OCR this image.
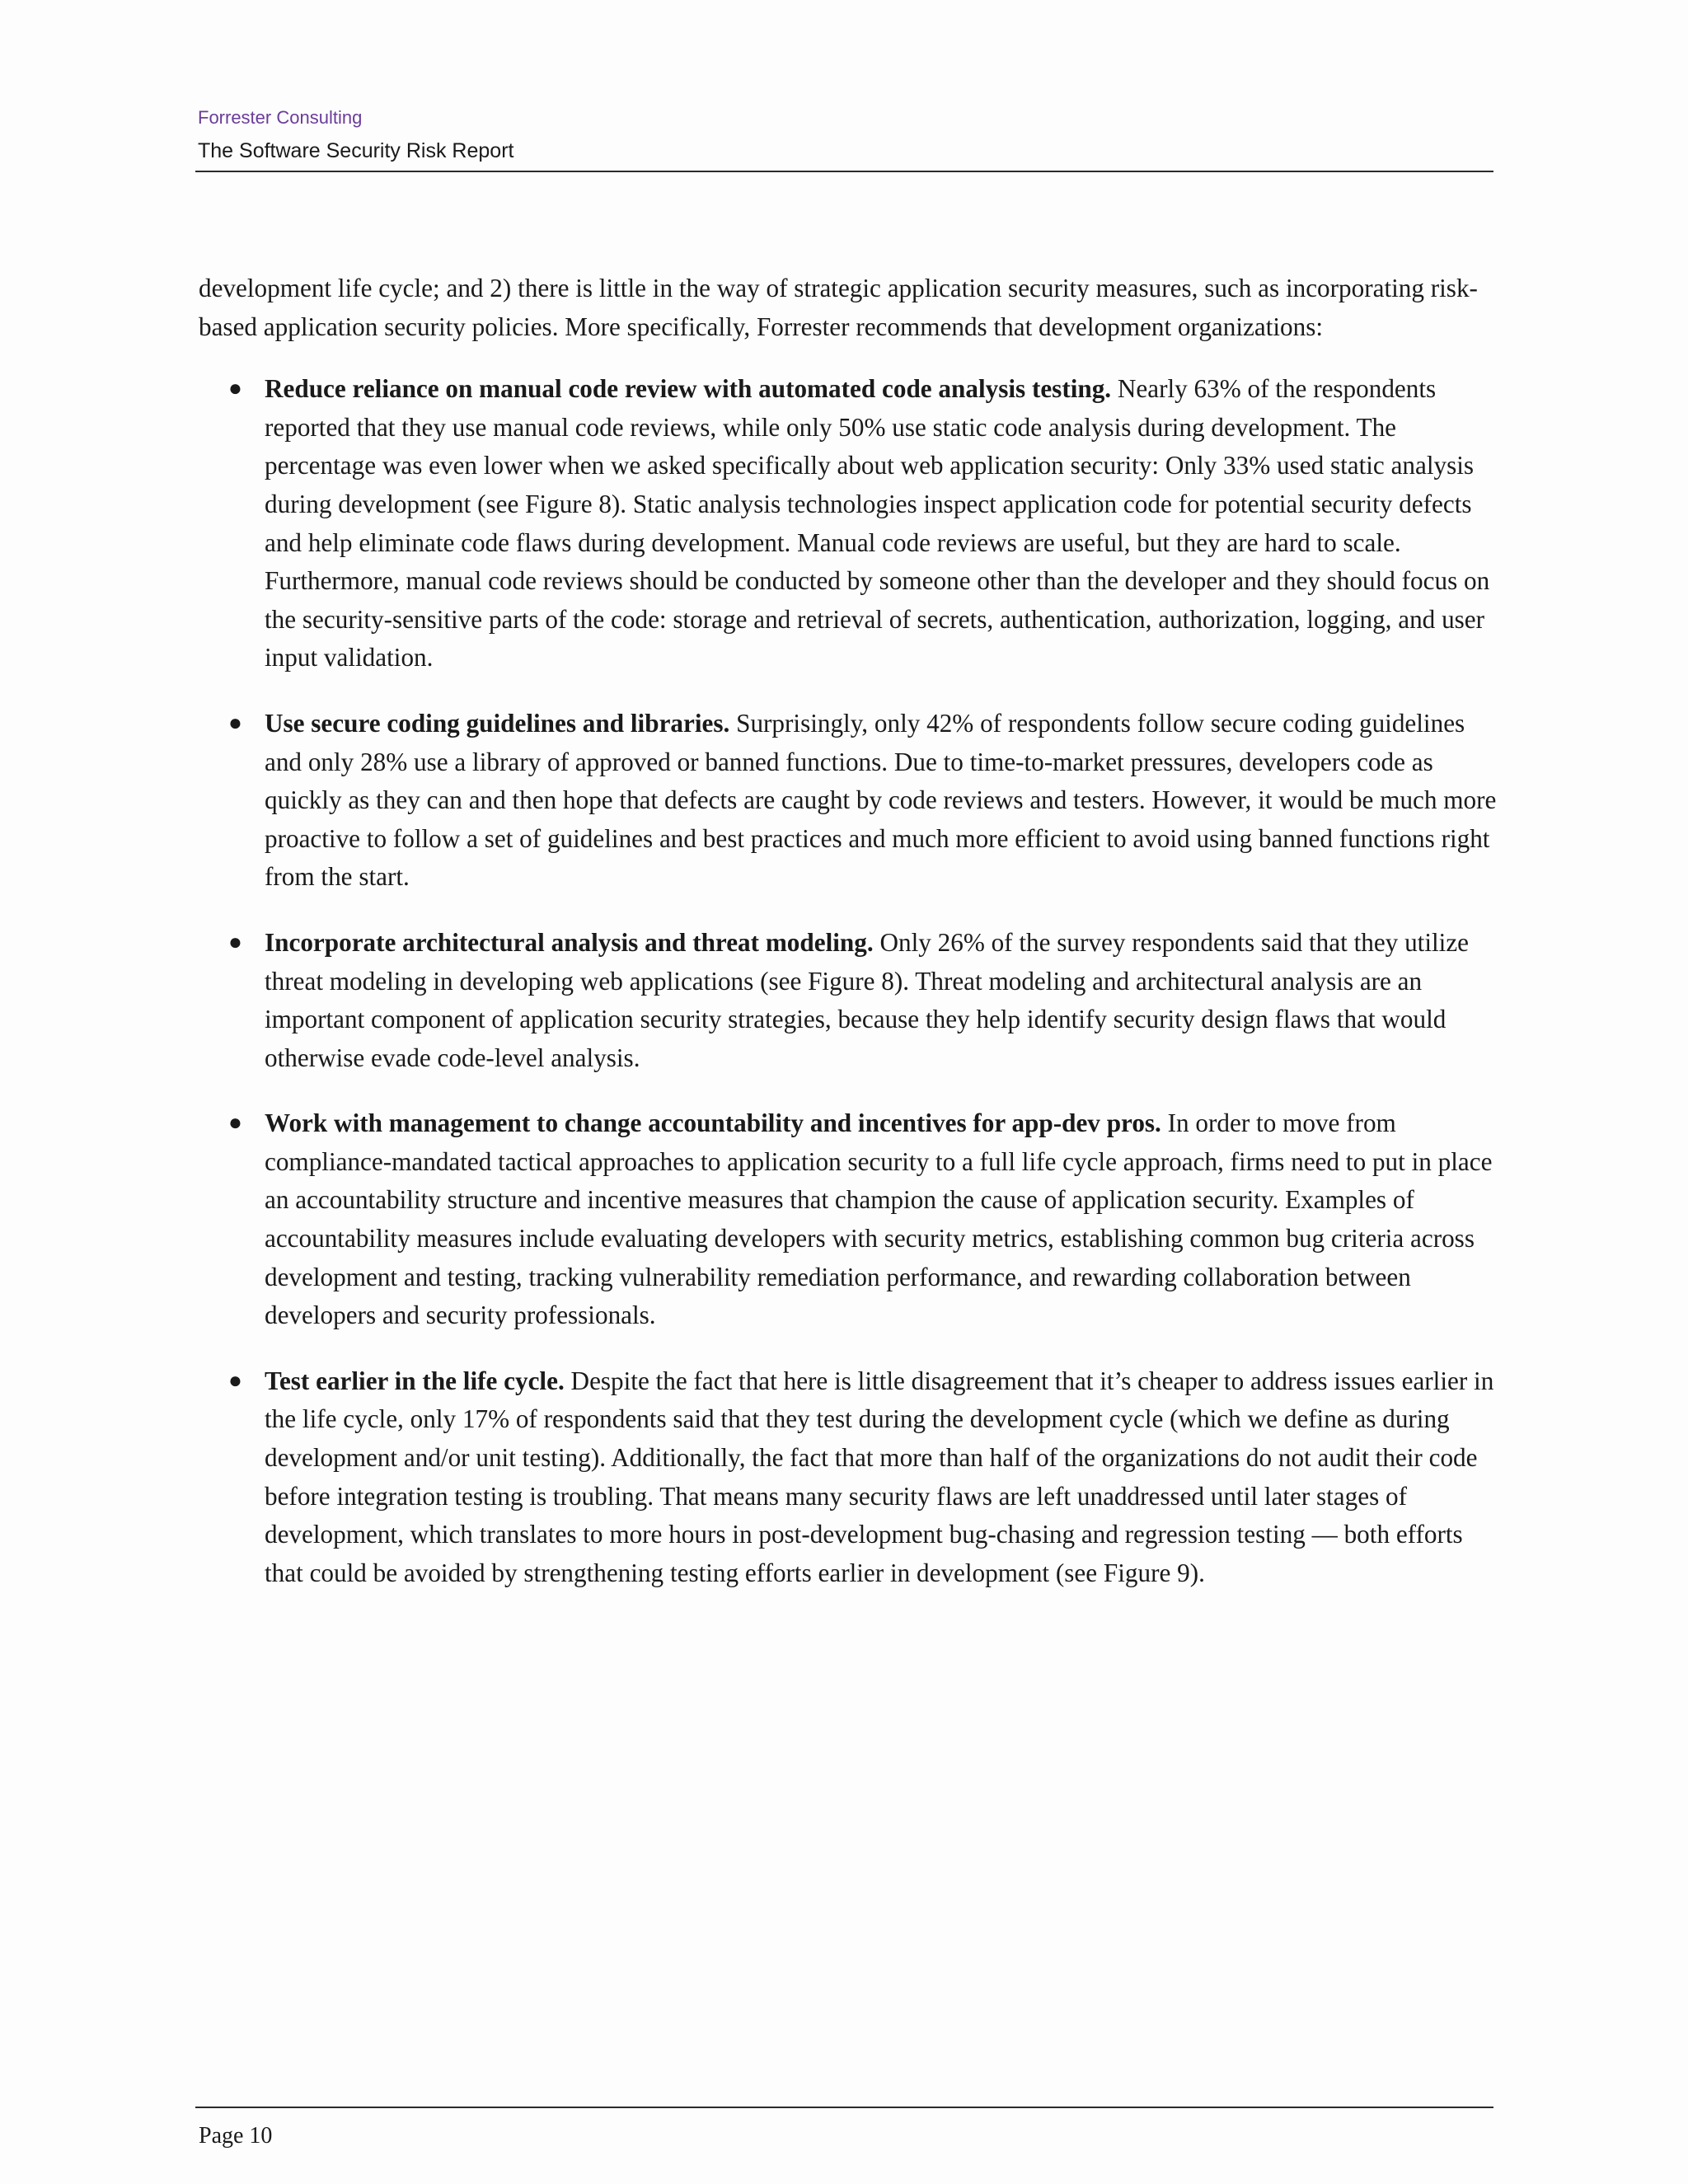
Forrester Consulting
The Software Security Risk Report

development life cycle; and 2) there is little in the way of strategic application security measures, such as incorporating risk-based application security policies. More specifically, Forrester recommends that development organizations:

● Reduce reliance on manual code review with automated code analysis testing. Nearly 63% of the respondents reported that they use manual code reviews, while only 50% use static code analysis during development. The percentage was even lower when we asked specifically about web application security: Only 33% used static analysis during development (see Figure 8). Static analysis technologies inspect application code for potential security defects and help eliminate code flaws during development. Manual code reviews are useful, but they are hard to scale. Furthermore, manual code reviews should be conducted by someone other than the developer and they should focus on the security-sensitive parts of the code: storage and retrieval of secrets, authentication, authorization, logging, and user input validation.
● Use secure coding guidelines and libraries. Surprisingly, only 42% of respondents follow secure coding guidelines and only 28% use a library of approved or banned functions. Due to time-to-market pressures, developers code as quickly as they can and then hope that defects are caught by code reviews and testers. However, it would be much more proactive to follow a set of guidelines and best practices and much more efficient to avoid using banned functions right from the start.
● Incorporate architectural analysis and threat modeling. Only 26% of the survey respondents said that they utilize threat modeling in developing web applications (see Figure 8). Threat modeling and architectural analysis are an important component of application security strategies, because they help identify security design flaws that would otherwise evade code-level analysis.
● Work with management to change accountability and incentives for app-dev pros. In order to move from compliance-mandated tactical approaches to application security to a full life cycle approach, firms need to put in place an accountability structure and incentive measures that champion the cause of application security. Examples of accountability measures include evaluating developers with security metrics, establishing common bug criteria across development and testing, tracking vulnerability remediation performance, and rewarding collaboration between developers and security professionals.
● Test earlier in the life cycle. Despite the fact that here is little disagreement that it’s cheaper to address issues earlier in the life cycle, only 17% of respondents said that they test during the development cycle (which we define as during development and/or unit testing). Additionally, the fact that more than half of the organizations do not audit their code before integration testing is troubling. That means many security flaws are left unaddressed until later stages of development, which translates to more hours in post-development bug-chasing and regression testing — both efforts that could be avoided by strengthening testing efforts earlier in development (see Figure 9).
Page 10
